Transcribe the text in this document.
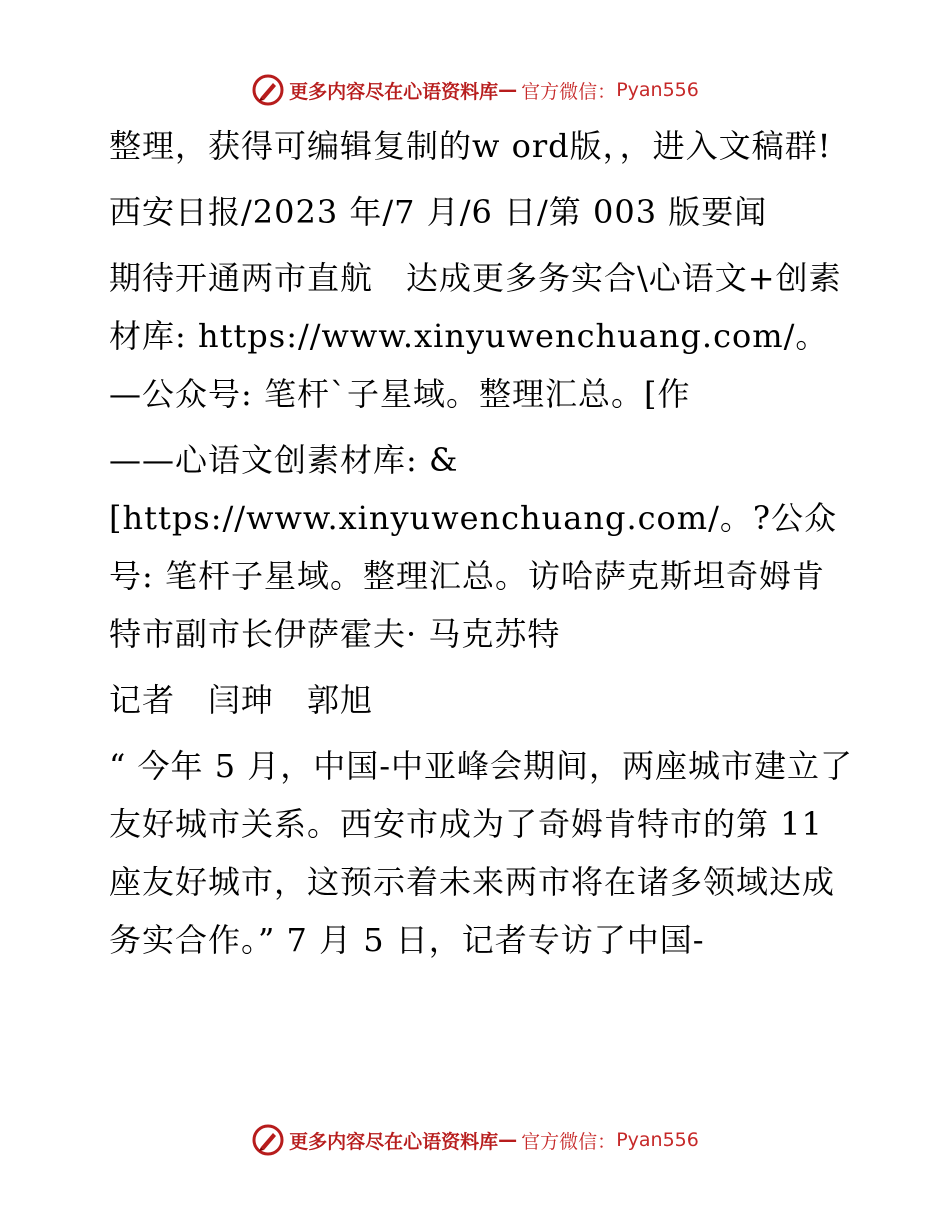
更多内容尽在心语资料库 — 官方微信： Pyan556

整理，获得可编辑复制的w ord版，，进入文稿群!

西安日报/2023 年/7 月/6 日/第 003 版要闻

期待开通两市直航　达成更多务实合\心语文+创素材库: https://www.xinyuwenchuang.com/。—公众号: 笔杆`子星域。整理汇总。[作

——心语文创素材库: &[https://www.xinyuwenchuang.com/。?公众号: 笔杆子星域。整理汇总。访哈萨克斯坦奇姆肯特市副市长伊萨霍夫· 马克苏特

记者　闫珅　郭旭

“ 今年 5 月，中国-中亚峰会期间，两座城市建立了友好城市关系。西安市成为了奇姆肯特市的第 11 座友好城市，这预示着未来两市将在诸多领域达成务实合作。” 7 月 5 日，记者专访了中国-

更多内容尽在心语资料库 — 官方微信： Pyan556
